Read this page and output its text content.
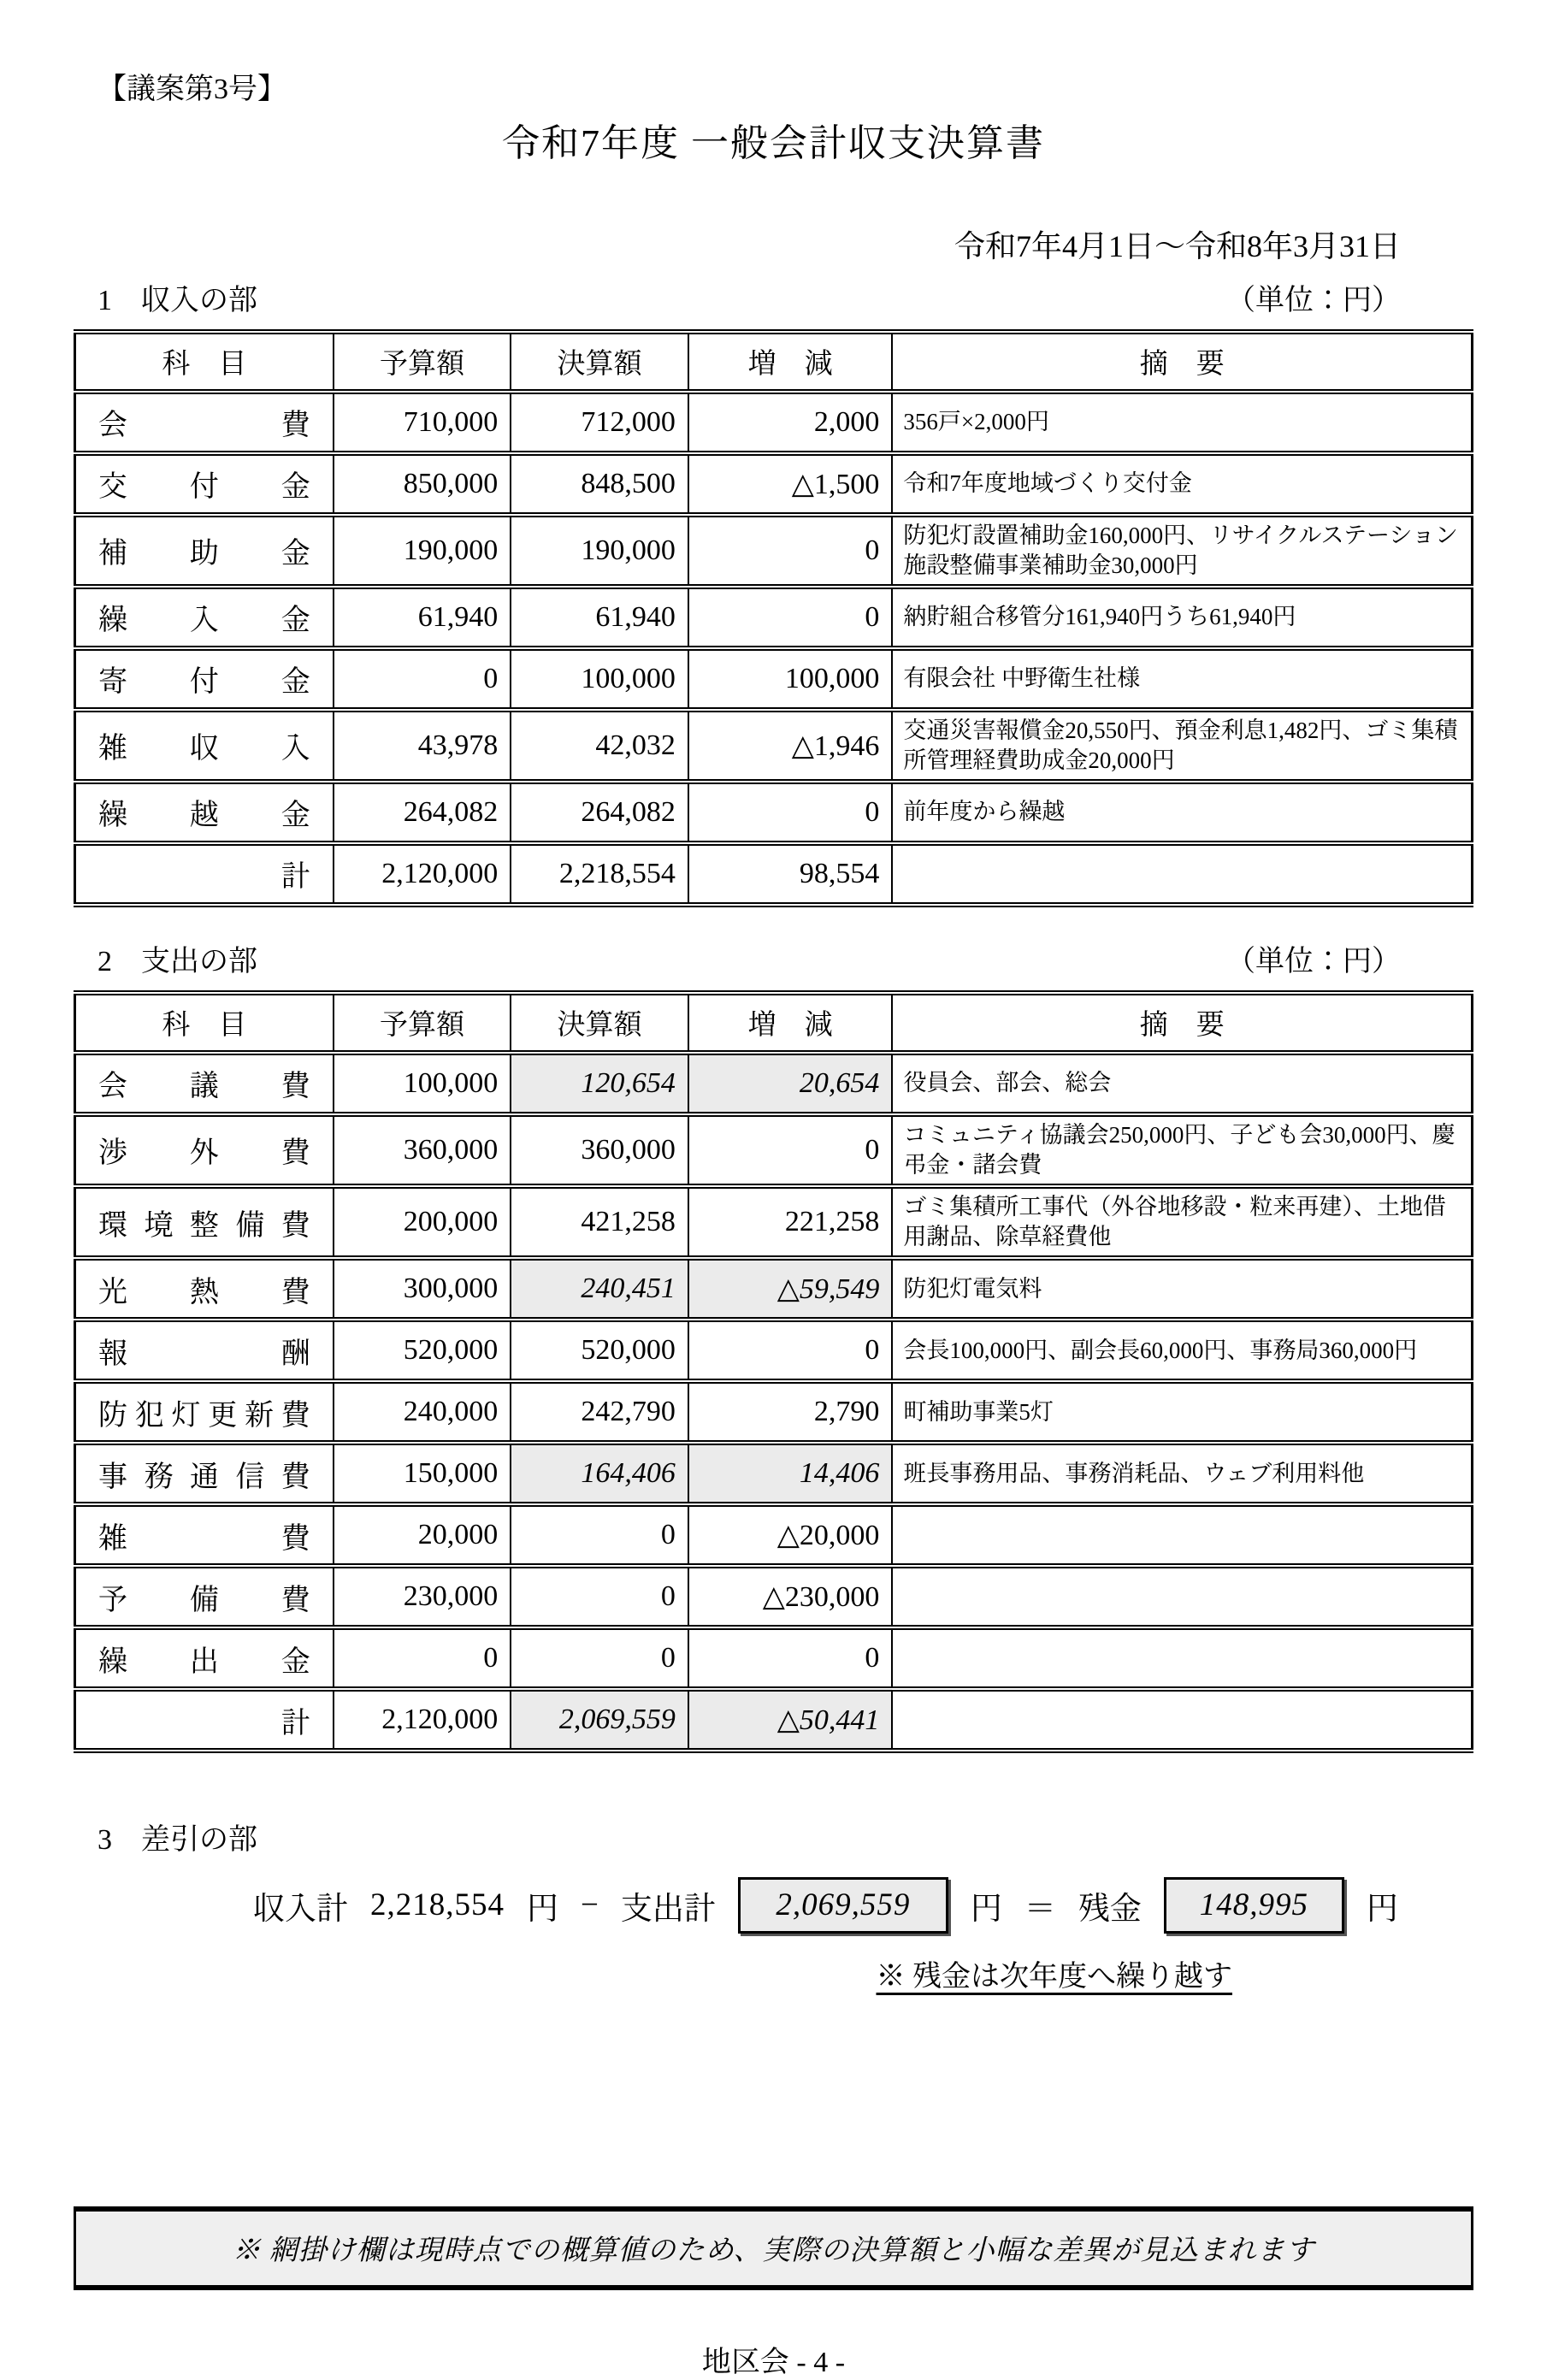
【議案第3号】
令和7年度 一般会計収支決算書
令和7年4月1日～令和8年3月31日
1　収入の部	（単位：円）
科　目	予算額	決算額	増　減	摘　要
会費	710,000	712,000	2,000	356戸×2,000円
交付金	850,000	848,500	△1,500	令和7年度地域づくり交付金
補助金	190,000	190,000	0	防犯灯設置補助金160,000円、リサイクルステーション施設整備事業補助金30,000円
繰入金	61,940	61,940	0	納貯組合移管分161,940円うち61,940円
寄付金	0	100,000	100,000	有限会社 中野衛生社様
雑収入	43,978	42,032	△1,946	交通災害報償金20,550円、預金利息1,482円、ゴミ集積所管理経費助成金20,000円
繰越金	264,082	264,082	0	前年度から繰越
計	2,120,000	2,218,554	98,554	
2　支出の部	（単位：円）
科　目	予算額	決算額	増　減	摘　要
会議費	100,000	120,654	20,654	役員会、部会、総会
渉外費	360,000	360,000	0	コミュニティ協議会250,000円、子ども会30,000円、慶弔金・諸会費
環境整備費	200,000	421,258	221,258	ゴミ集積所工事代（外谷地移設・粒来再建）、土地借用謝品、除草経費他
光熱費	300,000	240,451	△59,549	防犯灯電気料
報酬	520,000	520,000	0	会長100,000円、副会長60,000円、事務局360,000円
防犯灯更新費	240,000	242,790	2,790	町補助事業5灯
事務通信費	150,000	164,406	14,406	班長事務用品、事務消耗品、ウェブ利用料他
雑費	20,000	0	△20,000	
予備費	230,000	0	△230,000	
繰出金	0	0	0	
計	2,120,000	2,069,559	△50,441	
3　差引の部
収入計 2,218,554 円 − 支出計 2,069,559 円 ＝ 残金 148,995 円
※ 残金は次年度へ繰り越す
※ 網掛け欄は現時点での概算値のため、実際の決算額と小幅な差異が見込まれます
地区会 - 4 -
